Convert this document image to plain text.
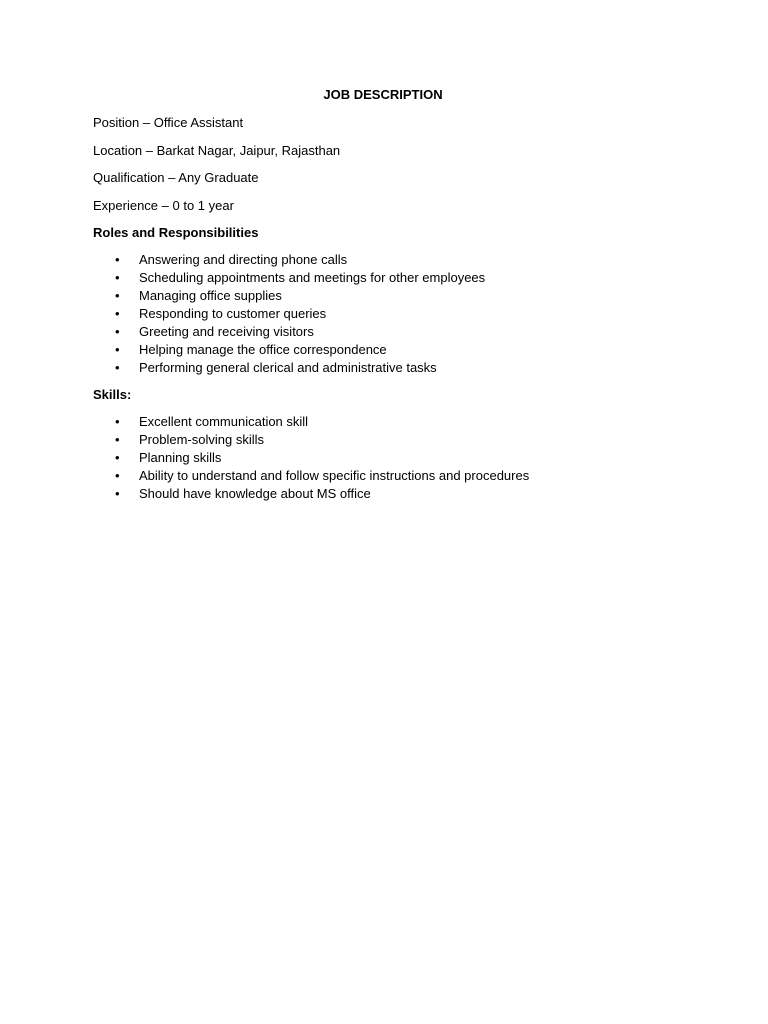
JOB DESCRIPTION
Position – Office Assistant
Location – Barkat Nagar, Jaipur, Rajasthan
Qualification – Any Graduate
Experience – 0 to 1 year
Roles and Responsibilities
• Answering and directing phone calls
• Scheduling appointments and meetings for other employees
• Managing office supplies
• Responding to customer queries
• Greeting and receiving visitors
• Helping manage the office correspondence
• Performing general clerical and administrative tasks
Skills:
• Excellent communication skill
• Problem-solving skills
• Planning skills
• Ability to understand and follow specific instructions and procedures
• Should have knowledge about MS office
